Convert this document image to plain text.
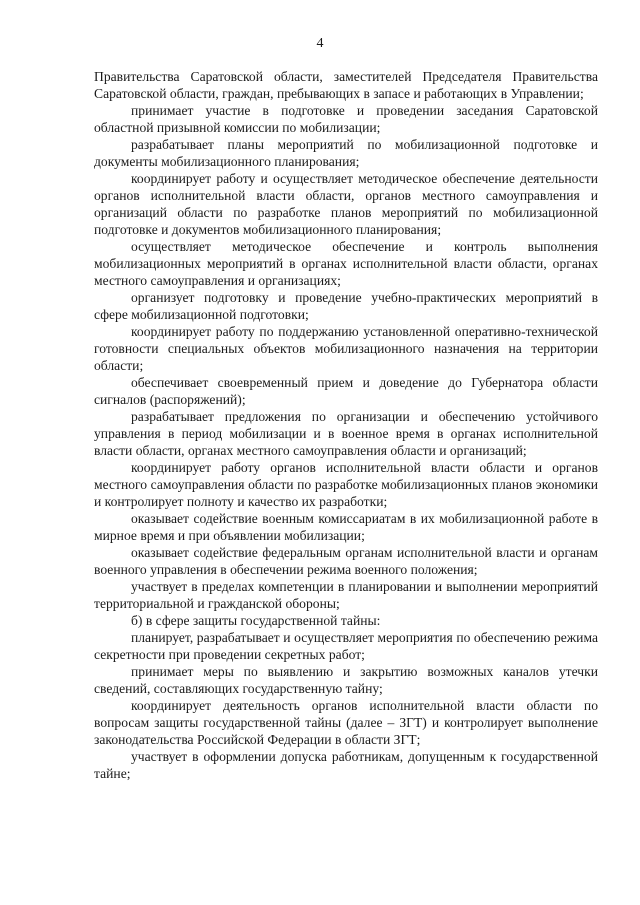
4

Правительства Саратовской области, заместителей Председателя Правительства Саратовской области, граждан, пребывающих в запасе и работающих в Управлении;

принимает участие в подготовке и проведении заседания Саратовской областной призывной комиссии по мобилизации;

разрабатывает планы мероприятий по мобилизационной подготовке и документы мобилизационного планирования;

координирует работу и осуществляет методическое обеспечение деятельности органов исполнительной власти области, органов местного самоуправления и организаций области по разработке планов мероприятий по мобилизационной подготовке и документов мобилизационного планирования;

осуществляет методическое обеспечение и контроль выполнения мобилизационных мероприятий в органах исполнительной власти области, органах местного самоуправления и организациях;

организует подготовку и проведение учебно-практических мероприятий в сфере мобилизационной подготовки;

координирует работу по поддержанию установленной оперативно-технической готовности специальных объектов мобилизационного назначения на территории области;

обеспечивает своевременный прием и доведение до Губернатора области сигналов (распоряжений);

разрабатывает предложения по организации и обеспечению устойчивого управления в период мобилизации и в военное время в органах исполнительной власти области, органах местного самоуправления области и организаций;

координирует работу органов исполнительной власти области и органов местного самоуправления области по разработке мобилизационных планов экономики и контролирует полноту и качество их разработки;

оказывает содействие военным комиссариатам в их мобилизационной работе в мирное время и при объявлении мобилизации;

оказывает содействие федеральным органам исполнительной власти и органам военного управления в обеспечении режима военного положения;

участвует в пределах компетенции в планировании и выполнении мероприятий территориальной и гражданской обороны;

б) в сфере защиты государственной тайны:

планирует, разрабатывает и осуществляет мероприятия по обеспечению режима секретности при проведении секретных работ;

принимает меры по выявлению и закрытию возможных каналов утечки сведений, составляющих государственную тайну;

координирует деятельность органов исполнительной власти области по вопросам защиты государственной тайны (далее – ЗГТ) и контролирует выполнение законодательства Российской Федерации в области ЗГТ;

участвует в оформлении допуска работникам, допущенным к государственной тайне;
